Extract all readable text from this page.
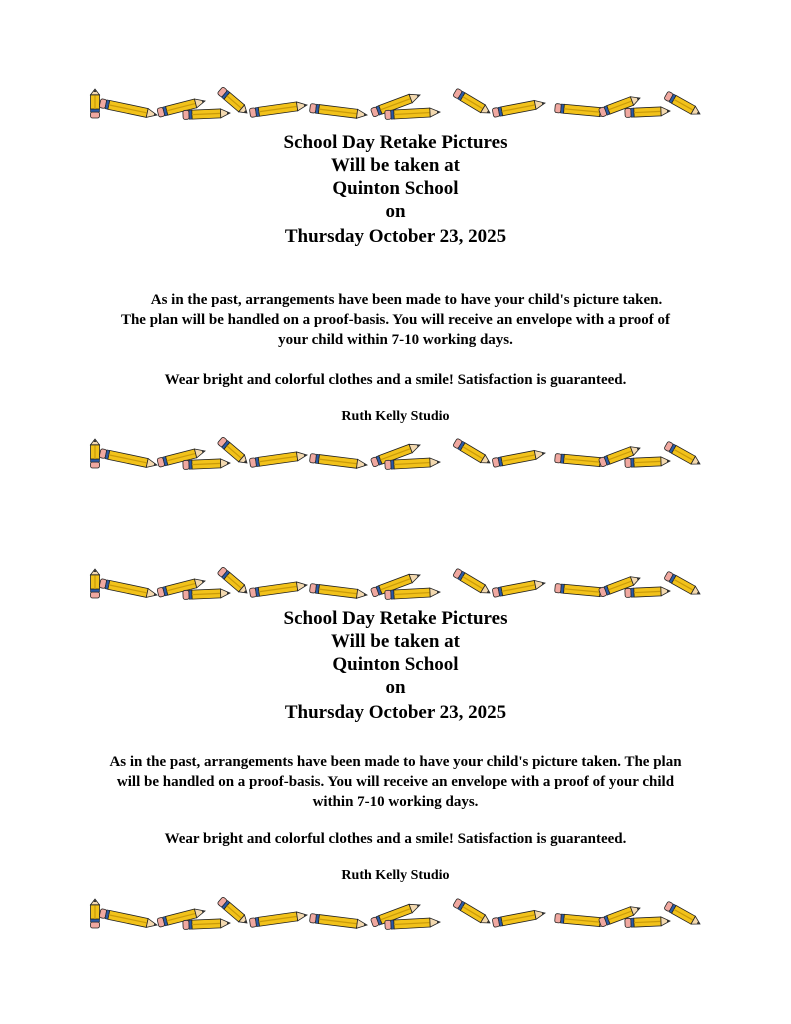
School Day Retake Pictures
Will be taken at
Quinton School
on
Thursday October 23, 2025
As in the past, arrangements have been made to have your child's picture taken.
The plan will be handled on a proof-basis. You will receive an envelope with a proof of
your child within 7-10 working days.
Wear bright and colorful clothes and a smile! Satisfaction is guaranteed.
Ruth Kelly Studio
School Day Retake Pictures
Will be taken at
Quinton School
on
Thursday October 23, 2025
As in the past, arrangements have been made to have your child's picture taken. The plan
will be handled on a proof-basis. You will receive an envelope with a proof of your child
within 7-10 working days.
Wear bright and colorful clothes and a smile! Satisfaction is guaranteed.
Ruth Kelly Studio
